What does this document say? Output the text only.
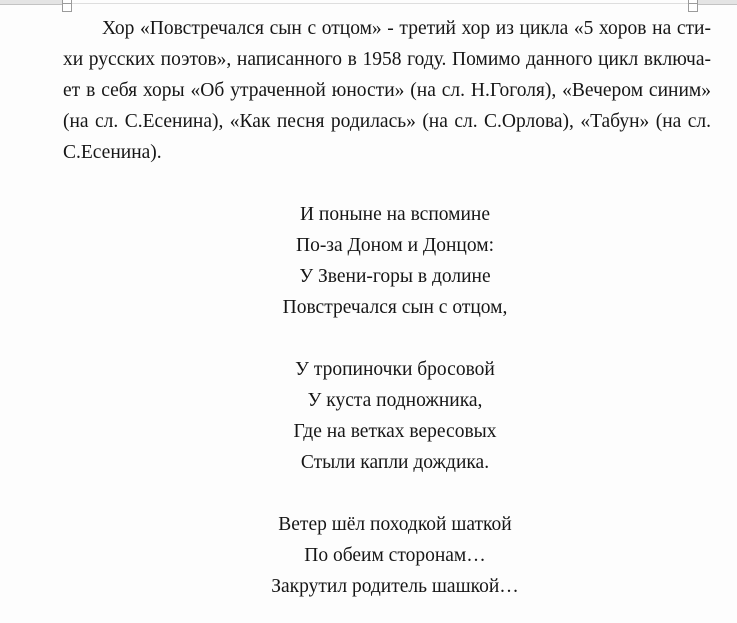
Хор «Повстречался сын с отцом» - третий хор из цикла «5 хоров на сти-
хи русских поэтов», написанного в 1958 году. Помимо данного цикл включа-
ет в себя хоры «Об утраченной юности» (на сл. Н.Гоголя), «Вечером синим»
(на сл. С.Есенина), «Как песня родилась» (на сл. С.Орлова), «Табун» (на сл.
С.Есенина).
И поныне на вспомине
По-за Доном и Донцом:
У Звени-горы в долине
Повстречался сын с отцом,
У тропиночки бросовой
У куста подножника,
Где на ветках вересовых
Стыли капли дождика.
Ветер шёл походкой шаткой
По обеим сторонам…
Закрутил родитель шашкой…
